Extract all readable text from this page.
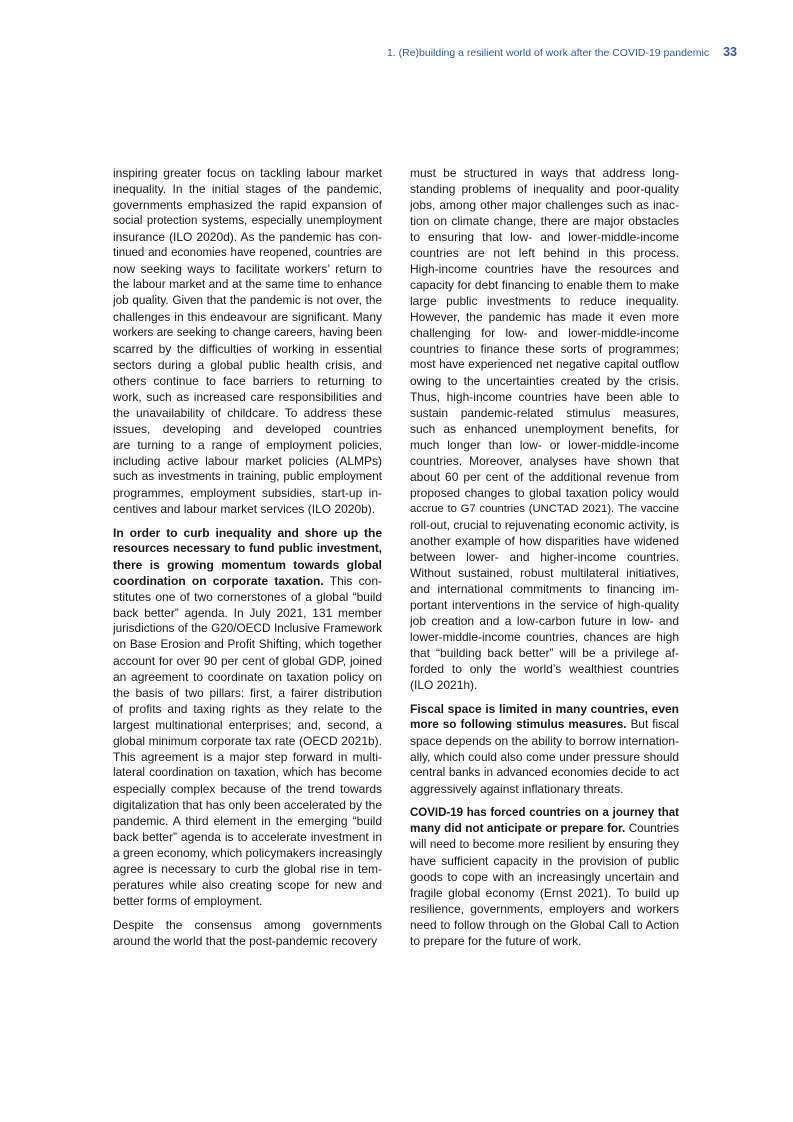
1. (Re)building a resilient world of work after the COVID-19 pandemic 33
inspiring greater focus on tackling labour market
inequality. In the initial stages of the pandemic,
governments emphasized the rapid expansion of
social protection systems, especially unemployment
insurance (ILO 2020d). As the pandemic has con-
tinued and economies have reopened, countries are
now seeking ways to facilitate workers’ return to
the labour market and at the same time to enhance
job quality. Given that the pandemic is not over, the
challenges in this endeavour are significant. Many
workers are seeking to change careers, having been
scarred by the difficulties of working in essential
sectors during a global public health crisis, and
others continue to face barriers to returning to
work, such as increased care responsibilities and
the unavailability of childcare. To address these
issues, developing and developed countries
are turning to a range of employment policies,
including active labour market policies (ALMPs)
such as investments in training, public employment
programmes, employment subsidies, start-up in-
centives and labour market services (ILO 2020b).
In order to curb inequality and shore up the
resources necessary to fund public investment,
there is growing momentum towards global
coordination on corporate taxation. This con-
stitutes one of two cornerstones of a global “build
back better” agenda. In July 2021, 131 member
jurisdictions of the G20/OECD Inclusive Framework
on Base Erosion and Profit Shifting, which together
account for over 90 per cent of global GDP, joined
an agreement to coordinate on taxation policy on
the basis of two pillars: first, a fairer distribution
of profits and taxing rights as they relate to the
largest multinational enterprises; and, second, a
global minimum corporate tax rate (OECD 2021b).
This agreement is a major step forward in multi-
lateral coordination on taxation, which has become
especially complex because of the trend towards
digitalization that has only been accelerated by the
pandemic. A third element in the emerging “build
back better” agenda is to accelerate investment in
a green economy, which policymakers increasingly
agree is necessary to curb the global rise in tem-
peratures while also creating scope for new and
better forms of employment.
Despite the consensus among governments
around the world that the post-pandemic recovery
must be structured in ways that address long-
standing problems of inequality and poor-quality
jobs, among other major challenges such as inac-
tion on climate change, there are major obstacles
to ensuring that low- and lower-middle-income
countries are not left behind in this process.
High-income countries have the resources and
capacity for debt financing to enable them to make
large public investments to reduce inequality.
However, the pandemic has made it even more
challenging for low- and lower-middle-income
countries to finance these sorts of programmes;
most have experienced net negative capital outflow
owing to the uncertainties created by the crisis.
Thus, high-income countries have been able to
sustain pandemic-related stimulus measures,
such as enhanced unemployment benefits, for
much longer than low- or lower-middle-income
countries. Moreover, analyses have shown that
about 60 per cent of the additional revenue from
proposed changes to global taxation policy would
accrue to G7 countries (UNCTAD 2021). The vaccine
roll-out, crucial to rejuvenating economic activity, is
another example of how disparities have widened
between lower- and higher-income countries.
Without sustained, robust multilateral initiatives,
and international commitments to financing im-
portant interventions in the service of high-quality
job creation and a low-carbon future in low- and
lower-middle-income countries, chances are high
that “building back better” will be a privilege af-
forded to only the world’s wealthiest countries
(ILO 2021h).
Fiscal space is limited in many countries, even
more so following stimulus measures. But fiscal
space depends on the ability to borrow internation-
ally, which could also come under pressure should
central banks in advanced economies decide to act
aggressively against inflationary threats.
COVID-19 has forced countries on a journey that
many did not anticipate or prepare for. Countries
will need to become more resilient by ensuring they
have sufficient capacity in the provision of public
goods to cope with an increasingly uncertain and
fragile global economy (Ernst 2021). To build up
resilience, governments, employers and workers
need to follow through on the Global Call to Action
to prepare for the future of work.
